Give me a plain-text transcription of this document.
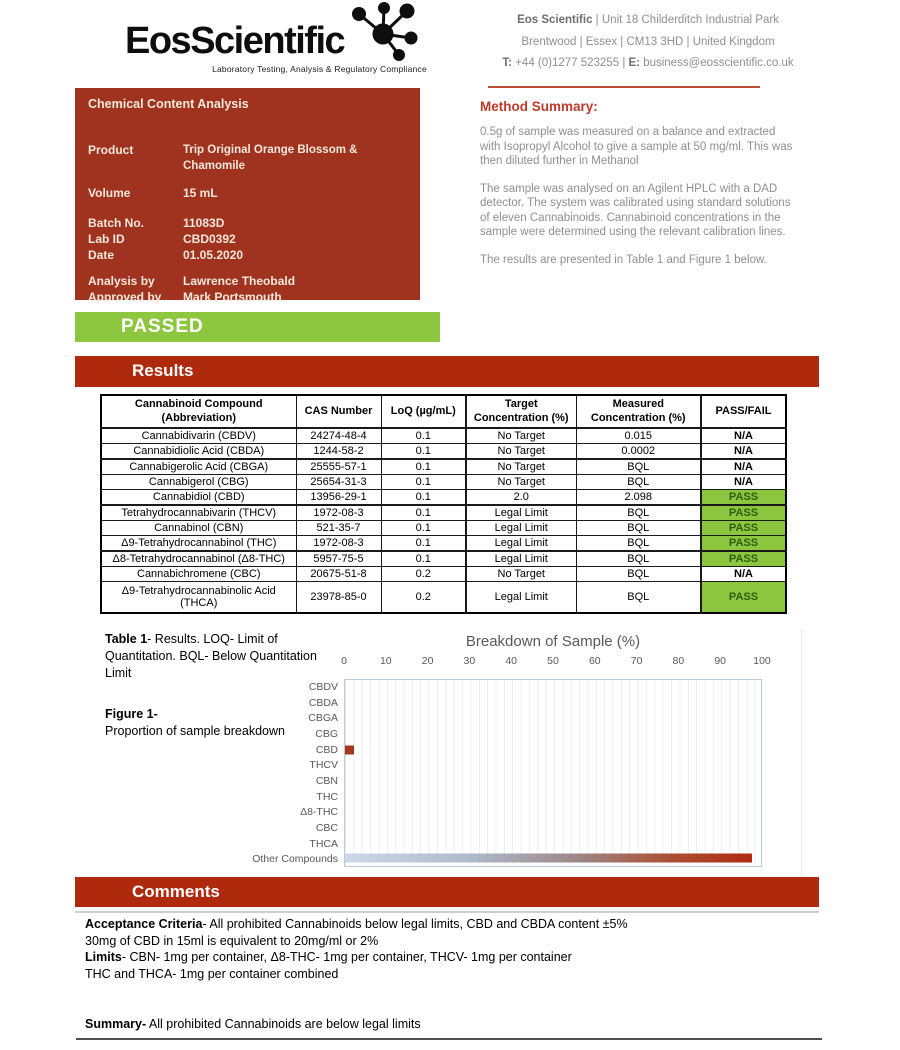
EosScientific
Laboratory Testing, Analysis & Regulatory Compliance
Eos Scientific | Unit 18 Childerditch Industrial Park
Brentwood | Essex | CM13 3HD | United Kingdom
T: +44 (0)1277 523255 | E: business@eosscientific.co.uk
Chemical Content Analysis
Product	Trip Original Orange Blossom & Chamomile
Volume	15 mL
Batch No.	11083D
Lab ID	CBD0392
Date	01.05.2020
Analysis by	Lawrence Theobald
Approved by	Mark Portsmouth
Method Summary:

0.5g of sample was measured on a balance and extracted with Isopropyl Alcohol to give a sample at 50 mg/ml. This was then diluted further in Methanol

The sample was analysed on an Agilent HPLC with a DAD detector. The system was calibrated using standard solutions of eleven Cannabinoids. Cannabinoid concentrations in the sample were determined using the relevant calibration lines.

The results are presented in Table 1 and Figure 1 below.

PASSED
Results
Cannabinoid Compound (Abbreviation)	CAS Number	LoQ (µg/mL)	Target Concentration (%)	Measured Concentration (%)	PASS/FAIL
Cannabidivarin (CBDV)	24274-48-4	0.1	No Target	0.015	N/A
Cannabidiolic Acid (CBDA)	1244-58-2	0.1	No Target	0.0002	N/A
Cannabigerolic Acid (CBGA)	25555-57-1	0.1	No Target	BQL	N/A
Cannabigerol (CBG)	25654-31-3	0.1	No Target	BQL	N/A
Cannabidiol (CBD)	13956-29-1	0.1	2.0	2.098	PASS
Tetrahydrocannabivarin (THCV)	1972-08-3	0.1	Legal Limit	BQL	PASS
Cannabinol (CBN)	521-35-7	0.1	Legal Limit	BQL	PASS
Δ9-Tetrahydrocannabinol (THC)	1972-08-3	0.1	Legal Limit	BQL	PASS
Δ8-Tetrahydrocannabinol (Δ8-THC)	5957-75-5	0.1	Legal Limit	BQL	PASS
Cannabichromene (CBC)	20675-51-8	0.2	No Target	BQL	N/A
Δ9-Tetrahydrocannabinolic Acid (THCA)	23978-85-0	0.2	Legal Limit	BQL	PASS
Table 1- Results. LOQ- Limit of Quantitation. BQL- Below Quantitation Limit
Figure 1-
Proportion of sample breakdown
Breakdown of Sample (%)
0	10	20	30	40	50	60	70	80	90	100
CBDV
CBDA
CBGA
CBG
CBD
THCV
CBN
THC
Δ8-THC
CBC
THCA
Other Compounds
Comments
Acceptance Criteria- All prohibited Cannabinoids below legal limits, CBD and CBDA content ±5%
30mg of CBD in 15ml is equivalent to 20mg/ml or 2%
Limits- CBN- 1mg per container, Δ8-THC- 1mg per container, THCV- 1mg per container
THC and THCA- 1mg per container combined
Summary- All prohibited Cannabinoids are below legal limits
